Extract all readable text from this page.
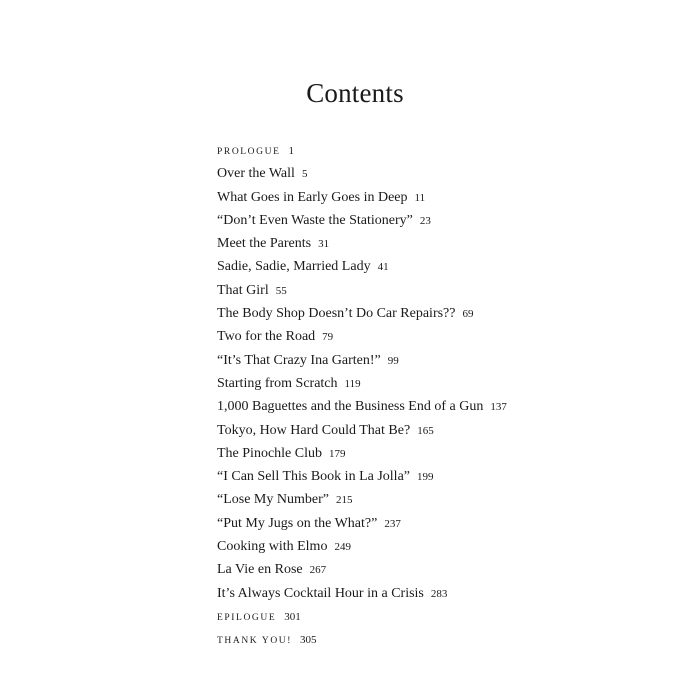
Contents
PROLOGUE 1
Over the Wall 5
What Goes in Early Goes in Deep 11
“Don’t Even Waste the Stationery” 23
Meet the Parents 31
Sadie, Sadie, Married Lady 41
That Girl 55
The Body Shop Doesn’t Do Car Repairs?? 69
Two for the Road 79
“It’s That Crazy Ina Garten!” 99
Starting from Scratch 119
1,000 Baguettes and the Business End of a Gun 137
Tokyo, How Hard Could That Be? 165
The Pinochle Club 179
“I Can Sell This Book in La Jolla” 199
“Lose My Number” 215
“Put My Jugs on the What?” 237
Cooking with Elmo 249
La Vie en Rose 267
It’s Always Cocktail Hour in a Crisis 283
EPILOGUE 301
THANK YOU! 305
